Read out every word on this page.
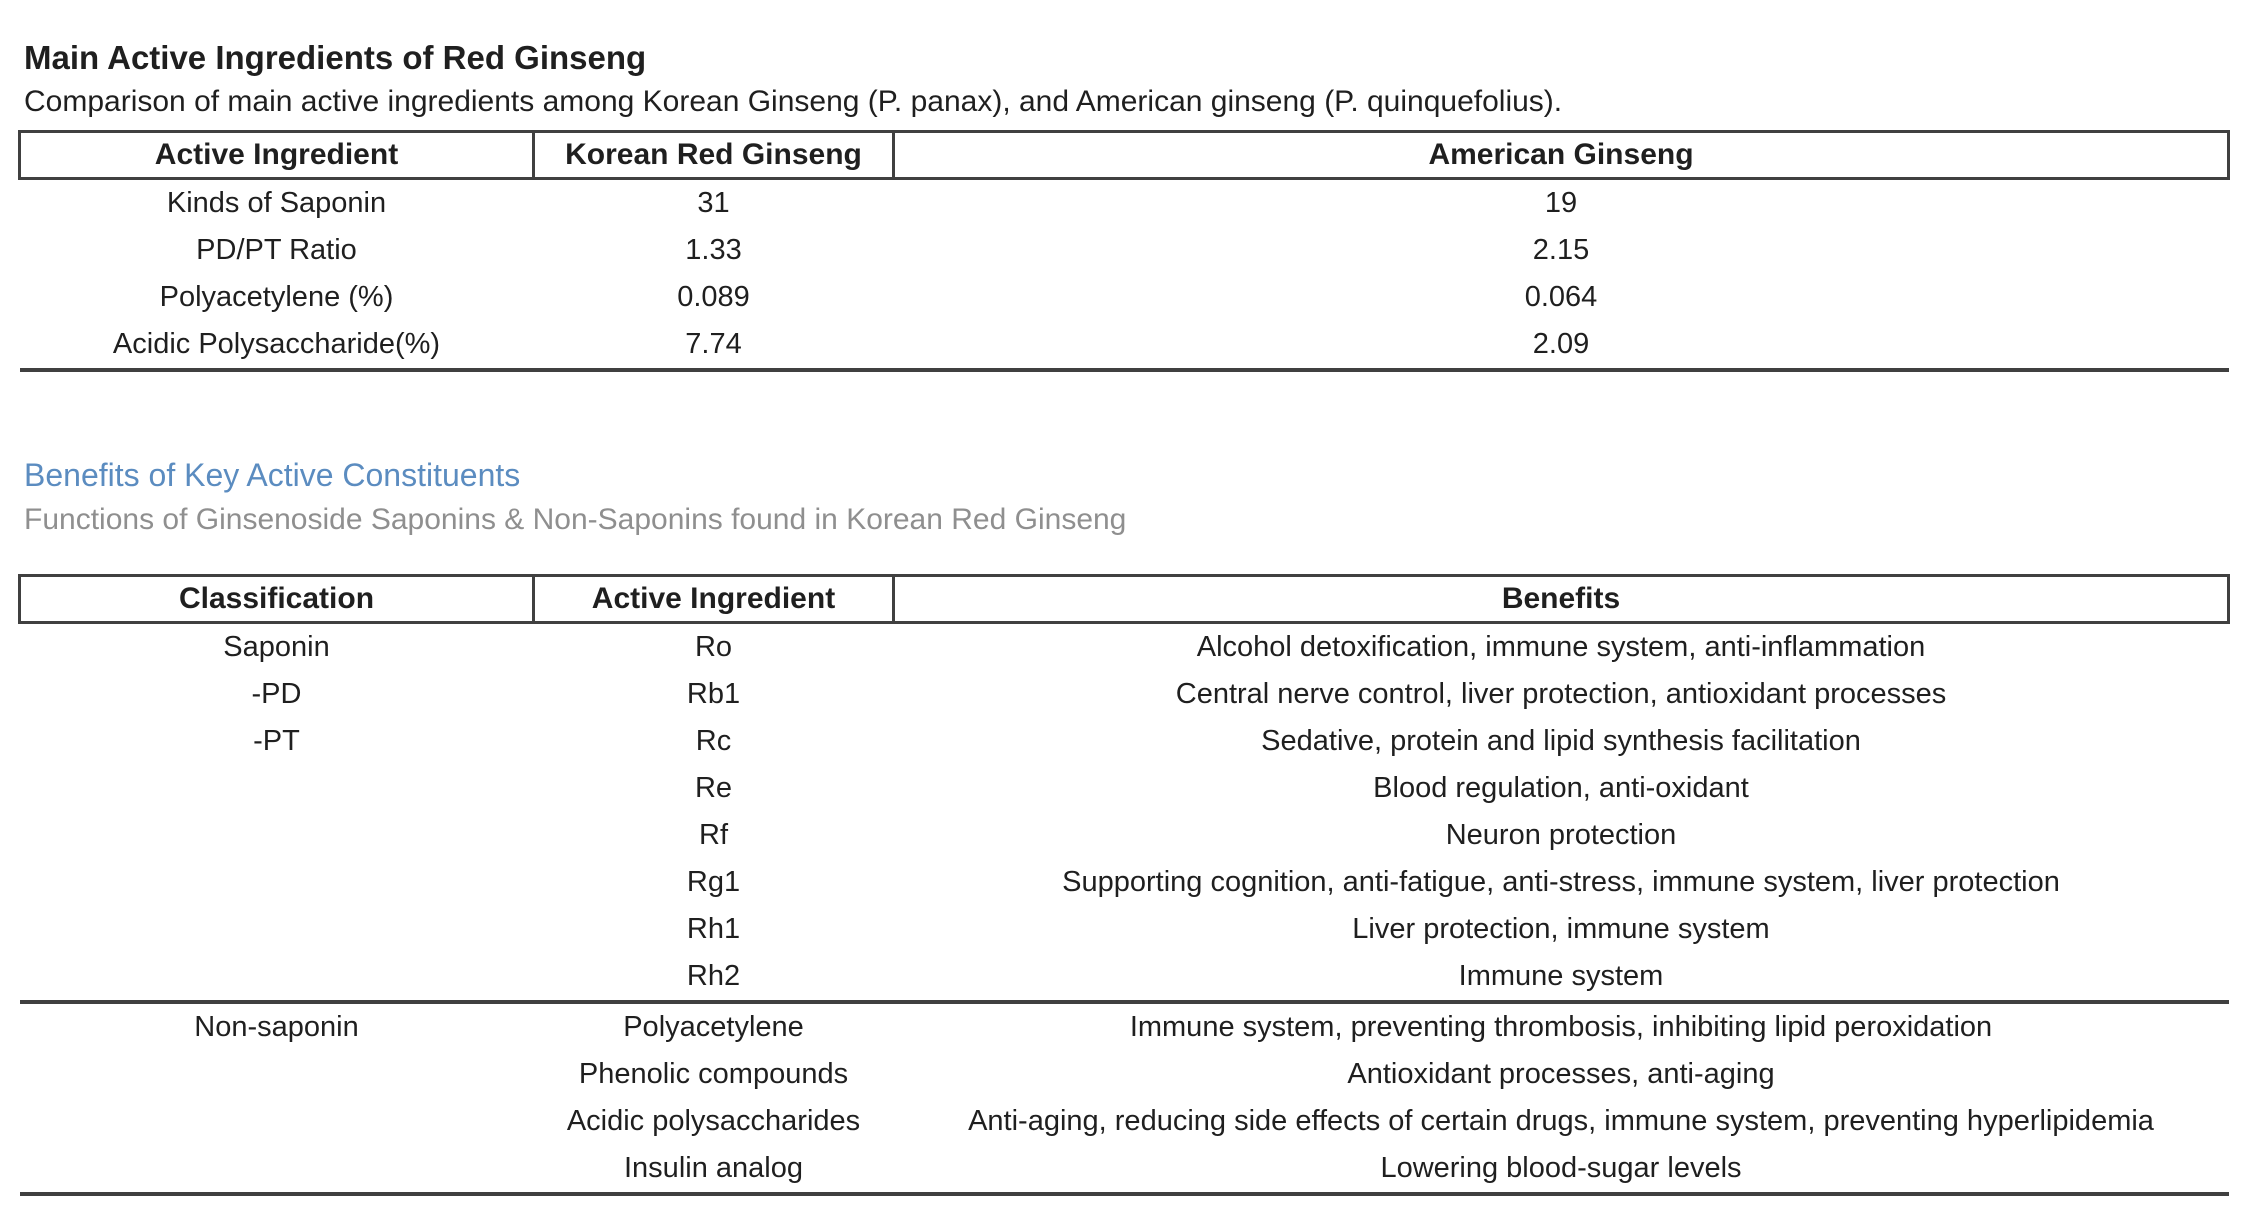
Main Active Ingredients of Red Ginseng

Comparison of main active ingredients among Korean Ginseng (P. panax), and American ginseng (P. quinquefolius).

Active Ingredient	Korean Red Ginseng	American Ginseng
Kinds of Saponin	31	19
PD/PT Ratio	1.33	2.15
Polyacetylene (%)	0.089	0.064
Acidic Polysaccharide(%)	7.74	2.09
Benefits of Key Active Constituents

Functions of Ginsenoside Saponins & Non-Saponins found in Korean Red Ginseng

Classification	Active Ingredient	Benefits
Saponin	Ro	Alcohol detoxification, immune system, anti-inflammation
-PD	Rb1	Central nerve control, liver protection, antioxidant processes
-PT	Rc	Sedative, protein and lipid synthesis facilitation
	Re	Blood regulation, anti-oxidant
	Rf	Neuron protection
	Rg1	Supporting cognition, anti-fatigue, anti-stress, immune system, liver protection
	Rh1	Liver protection, immune system
	Rh2	Immune system
Non-saponin	Polyacetylene	Immune system, preventing thrombosis, inhibiting lipid peroxidation
	Phenolic compounds	Antioxidant processes, anti-aging
	Acidic polysaccharides	Anti-aging, reducing side effects of certain drugs, immune system, preventing hyperlipidemia
	Insulin analog	Lowering blood-sugar levels
